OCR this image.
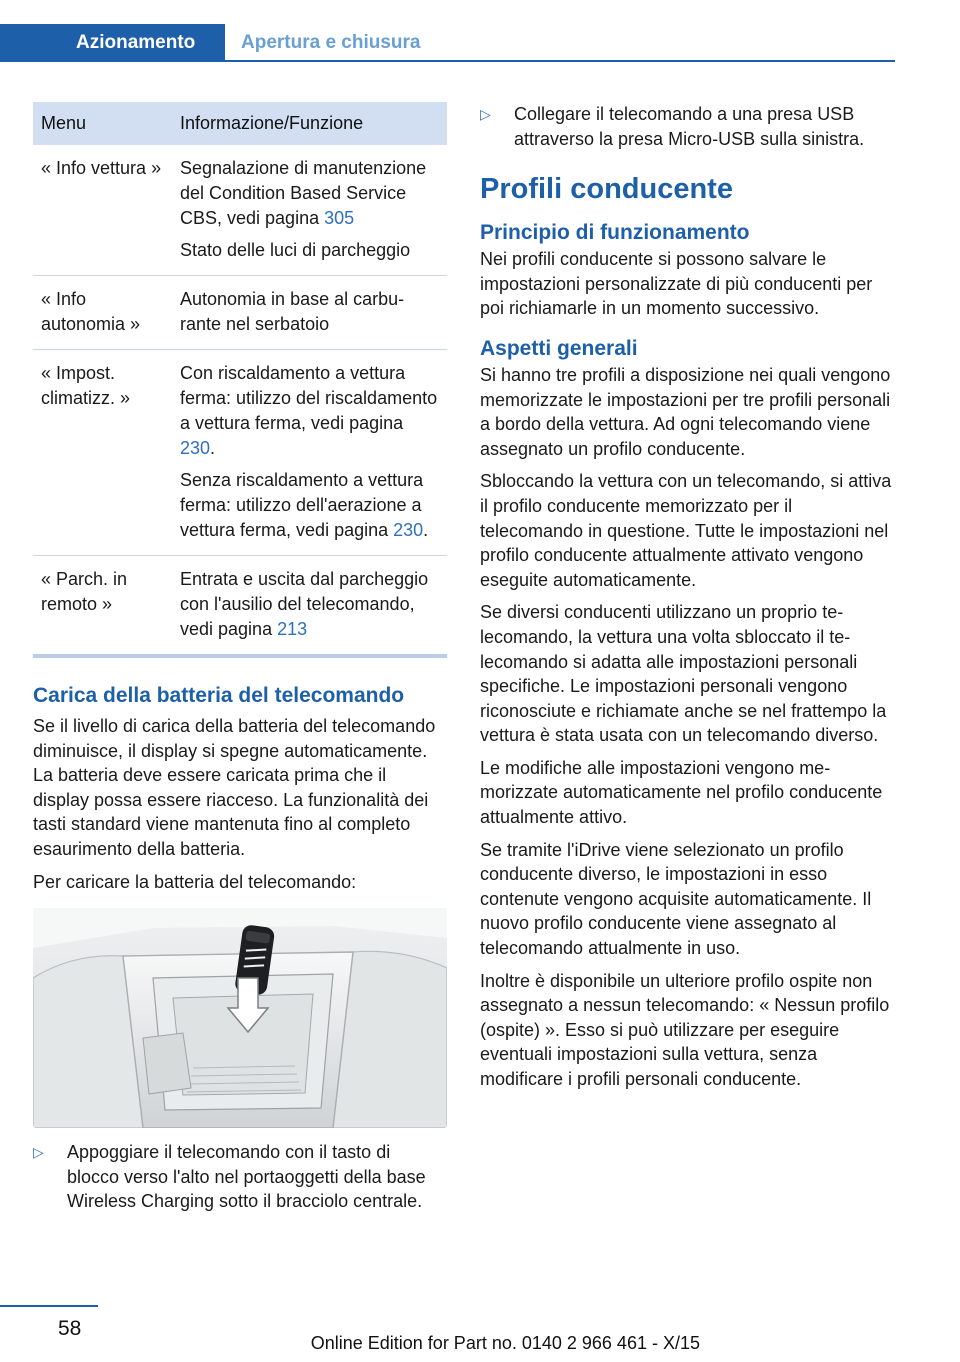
Azionamento	Apertura e chiusura
Menu	Informazione/Funzione
« Info vettura »	Segnalazione di manutenzione del Condition Based Service CBS, vedi pagina 305

Stato delle luci di parcheggio

« Info autonomia »	Autonomia in base al carburante nel serbatoio

« Impost. climatizz. »	Con riscaldamento a vettura ferma: utilizzo del riscaldamento a vettura ferma, vedi pagina 230.

Senza riscaldamento a vettura ferma: utilizzo dell'aerazione a vettura ferma, vedi pagina 230.

« Parch. in remoto »	Entrata e uscita dal parcheggio con l'ausilio del telecomando, vedi pagina 213

Carica della batteria del telecomando

Se il livello di carica della batteria del telecomando diminuisce, il display si spegne automaticamente. La batteria deve essere caricata prima che il display possa essere riacceso. La funzionalità dei tasti standard viene mantenuta fino al completo esaurimento della batteria.

Per caricare la batteria del telecomando:

▷ Appoggiare il telecomando con il tasto di blocco verso l'alto nel portaoggetti della base Wireless Charging sotto il bracciolo centrale.
▷ Collegare il telecomando a una presa USB attraverso la presa Micro-USB sulla sinistra.
Profili conducente
Principio di funzionamento

Nei profili conducente si possono salvare le impostazioni personalizzate di più conducenti per poi richiamarle in un momento successivo.

Aspetti generali

Si hanno tre profili a disposizione nei quali vengono memorizzate le impostazioni per tre profili personali a bordo della vettura. Ad ogni telecomando viene assegnato un profilo conducente.

Sbloccando la vettura con un telecomando, si attiva il profilo conducente memorizzato per il telecomando in questione. Tutte le impostazioni nel profilo conducente attualmente attivato vengono eseguite automaticamente.

Se diversi conducenti utilizzano un proprio telecomando, la vettura una volta sbloccato il telecomando si adatta alle impostazioni personali specifiche. Le impostazioni personali vengono riconosciute e richiamate anche se nel frattempo la vettura è stata usata con un telecomando diverso.

Le modifiche alle impostazioni vengono memorizzate automaticamente nel profilo conducente attualmente attivo.

Se tramite l'iDrive viene selezionato un profilo conducente diverso, le impostazioni in esso contenute vengono acquisite automaticamente. Il nuovo profilo conducente viene assegnato al telecomando attualmente in uso.

Inoltre è disponibile un ulteriore profilo ospite non assegnato a nessun telecomando: « Nessun profilo (ospite) ». Esso si può utilizzare per eseguire eventuali impostazioni sulla vettura, senza modificare i profili personali conducente.

58
Online Edition for Part no. 0140 2 966 461 - X/15
